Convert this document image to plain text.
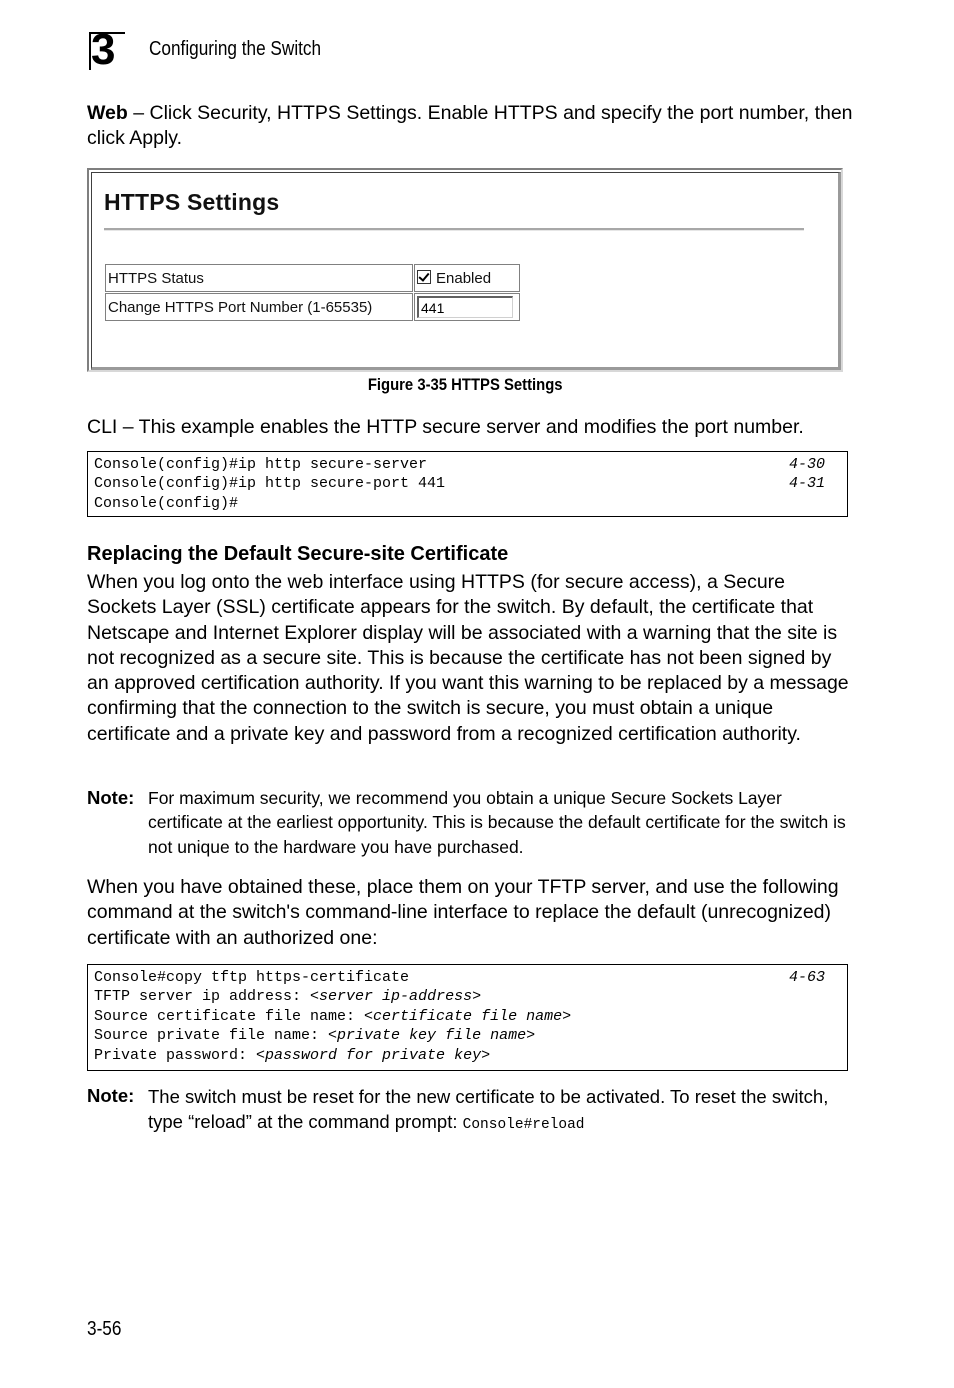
3	Configuring the Switch
Web – Click Security, HTTPS Settings. Enable HTTPS and specify the port number, then click Apply.
HTTPS Settings
HTTPS Status	Enabled
Change HTTPS Port Number (1-65535)	441
Figure 3-35 HTTPS Settings
CLI – This example enables the HTTP secure server and modifies the port number.
Console(config)#ip http secure-server	4-30
Console(config)#ip http secure-port 441	4-31
Console(config)#
Replacing the Default Secure-site Certificate
When you log onto the web interface using HTTPS (for secure access), a Secure Sockets Layer (SSL) certificate appears for the switch. By default, the certificate that Netscape and Internet Explorer display will be associated with a warning that the site is not recognized as a secure site. This is because the certificate has not been signed by an approved certification authority. If you want this warning to be replaced by a message confirming that the connection to the switch is secure, you must obtain a unique certificate and a private key and password from a recognized certification authority.
Note: For maximum security, we recommend you obtain a unique Secure Sockets Layer certificate at the earliest opportunity. This is because the default certificate for the switch is not unique to the hardware you have purchased.
When you have obtained these, place them on your TFTP server, and use the following command at the switch's command-line interface to replace the default (unrecognized) certificate with an authorized one:
Console#copy tftp https-certificate	4-63
TFTP server ip address: <server ip-address>
Source certificate file name: <certificate file name>
Source private file name: <private key file name>
Private password: <password for private key>
Note: The switch must be reset for the new certificate to be activated. To reset the switch, type “reload” at the command prompt: Console#reload
3-56
